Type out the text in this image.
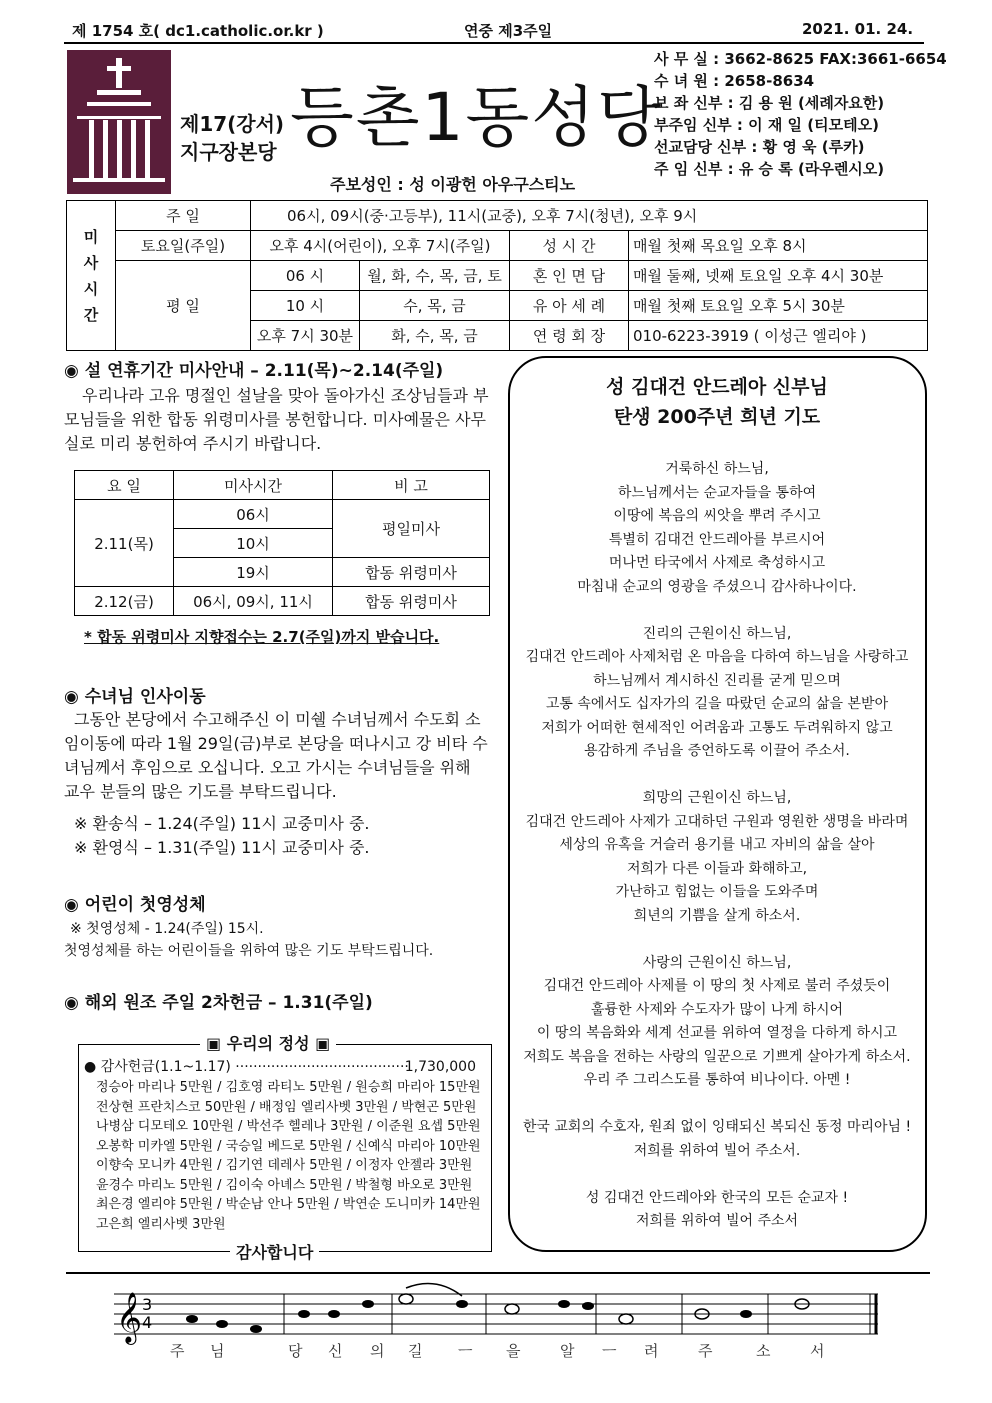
제 1754 호( dc1.catholic.or.kr )	연중 제3주일	2021. 01. 24.
제17(강서)
지구장본당 등촌1동성당
주보성인 : 성 이광헌 아우구스티노
사 무 실 : 3662-8625 FAX:3661-6654
수 녀 원 : 2658-8634
보 좌 신부 : 김 용 원 (세례자요한)
부주임 신부 : 이 재 일 (티모테오)
선교담당 신부 : 황 영 욱 (루카)
주 임 신부 : 유 승 록 (라우렌시오)
미
사
시
간	주 일	06시, 09시(중·고등부), 11시(교중), 오후 7시(청년), 오후 9시			
	토요일(주일)	오후 4시(어린이), 오후 7시(주일)		성 시 간	매월 첫째 목요일 오후 8시
	평 일	06 시	월, 화, 수, 목, 금, 토	혼 인 면 담	매월 둘째, 넷째 토요일 오후 4시 30분
		10 시	수, 목, 금	유 아 세 례	매월 첫째 토요일 오후 5시 30분
		오후 7시 30분	화, 수, 목, 금	연 령 회 장	010-6223-3919 ( 이성근 엘리야 )
◉ 설 연휴기간 미사안내 – 2.11(목)~2.14(주일)
우리나라 고유 명절인 설날을 맞아 돌아가신 조상님들과 부모님들을 위한 합동 위령미사를 봉헌합니다. 미사예물은 사무실로 미리 봉헌하여 주시기 바랍니다.
요 일	미사시간	비 고
2.11(목)	06시	평일미사
	10시	
	19시	합동 위령미사
2.12(금)	06시, 09시, 11시	합동 위령미사
* 합동 위령미사 지향접수는 2.7(주일)까지 받습니다.
◉ 수녀님 인사이동
그동안 본당에서 수고해주신 이 미쉘 수녀님께서 수도회 소임이동에 따라 1월 29일(금)부로 본당을 떠나시고 강 비타 수녀님께서 후임으로 오십니다. 오고 가시는 수녀님들을 위해 교우 분들의 많은 기도를 부탁드립니다.
※ 환송식 – 1.24(주일) 11시 교중미사 중.
※ 환영식 – 1.31(주일) 11시 교중미사 중.
◉ 어린이 첫영성체
※ 첫영성체 - 1.24(주일) 15시.
첫영성체를 하는 어린이들을 위하여 많은 기도 부탁드립니다.
◉ 해외 원조 주일 2차헌금 – 1.31(주일)
▣ 우리의 정성 ▣
● 감사헌금(1.1~1.17) ·······································
1,730,000
정승아 마리나 5만원 / 김호영 라티노 5만원 / 원승희 마리아 15만원
전상현 프란치스코 50만원 / 배정임 엘리사벳 3만원 / 박현곤 5만원
나병삼 디모테오 10만원 / 박선주 헬레나 3만원 / 이준원 요셉 5만원
오봉학 미카엘 5만원 / 국승일 베드로 5만원 / 신예식 마리아 10만원
이향숙 모니카 4만원 / 김기연 데레사 5만원 / 이정자 안젤라 3만원
윤경수 마리노 5만원 / 김이숙 아녜스 5만원 / 박철형 바오로 3만원
최은경 엘리야 5만원 / 박순남 안나 5만원 / 박연순 도니미카 14만원
고은희 엘리사벳 3만원
감사합니다
성 김대건 안드레아 신부님
탄생 200주년 희년 기도

거룩하신 하느님,
하느님께서는 순교자들을 통하여
이땅에 복음의 씨앗을 뿌려 주시고
특별히 김대건 안드레아를 부르시어
머나먼 타국에서 사제로 축성하시고
마침내 순교의 영광을 주셨으니 감사하나이다.

진리의 근원이신 하느님,
김대건 안드레아 사제처럼 온 마음을 다하여 하느님을 사랑하고
하느님께서 계시하신 진리를 굳게 믿으며
고통 속에서도 십자가의 길을 따랐던 순교의 삶을 본받아
저희가 어떠한 현세적인 어려움과 고통도 두려워하지 않고
용감하게 주님을 증언하도록 이끌어 주소서.

희망의 근원이신 하느님,
김대건 안드레아 사제가 고대하던 구원과 영원한 생명을 바라며
세상의 유혹을 거슬러 용기를 내고 자비의 삶을 살아
저희가 다른 이들과 화해하고,
가난하고 힘없는 이들을 도와주며
희년의 기쁨을 살게 하소서.

사랑의 근원이신 하느님,
김대건 안드레아 사제를 이 땅의 첫 사제로 불러 주셨듯이
훌륭한 사제와 수도자가 많이 나게 하시어
이 땅의 복음화와 세계 선교를 위하여 열정을 다하게 하시고
저희도 복음을 전하는 사랑의 일꾼으로 기쁘게 살아가게 하소서.
우리 주 그리스도를 통하여 비나이다. 아멘 !

한국 교회의 수호자, 원죄 없이 잉태되신 복되신 동정 마리아님 !
저희를 위하여 빌어 주소서.

성 김대건 안드레아와 한국의 모든 순교자 !
저희를 위하여 빌어 주소서

𝄞 3
4
주 님	당 신 의 길 ㅡ 을	알 ㅡ 려	주	소	서
